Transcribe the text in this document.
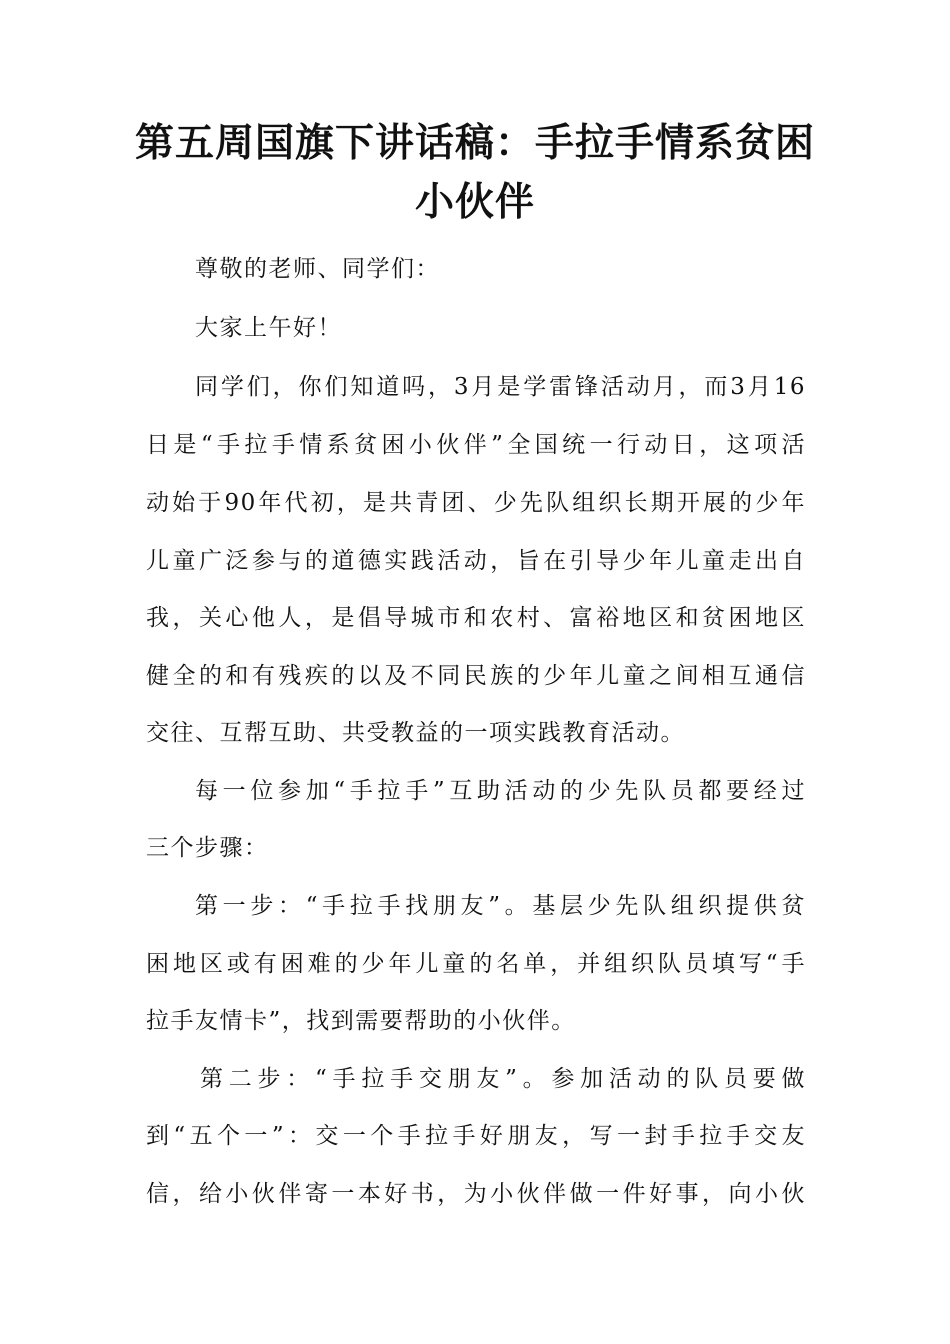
第五周国旗下讲话稿：手拉手情系贫困
小伙伴
尊敬的老师、同学们：
大家上午好！
同学们，你们知道吗，3月是学雷锋活动月，而3月16
日是“手拉手情系贫困小伙伴”全国统一行动日，这项活
动始于90年代初，是共青团、少先队组织长期开展的少年
儿童广泛参与的道德实践活动，旨在引导少年儿童走出自
我，关心他人，是倡导城市和农村、富裕地区和贫困地区
健全的和有残疾的以及不同民族的少年儿童之间相互通信
交往、互帮互助、共受教益的一项实践教育活动。
每一位参加“手拉手”互助活动的少先队员都要经过
三个步骤：
第一步：“手拉手找朋友”。基层少先队组织提供贫
困地区或有困难的少年儿童的名单，并组织队员填写“手
拉手友情卡”，找到需要帮助的小伙伴。
第二步：“手拉手交朋友”。参加活动的队员要做
到“五个一”：交一个手拉手好朋友，写一封手拉手交友
信，给小伙伴寄一本好书，为小伙伴做一件好事，向小伙
